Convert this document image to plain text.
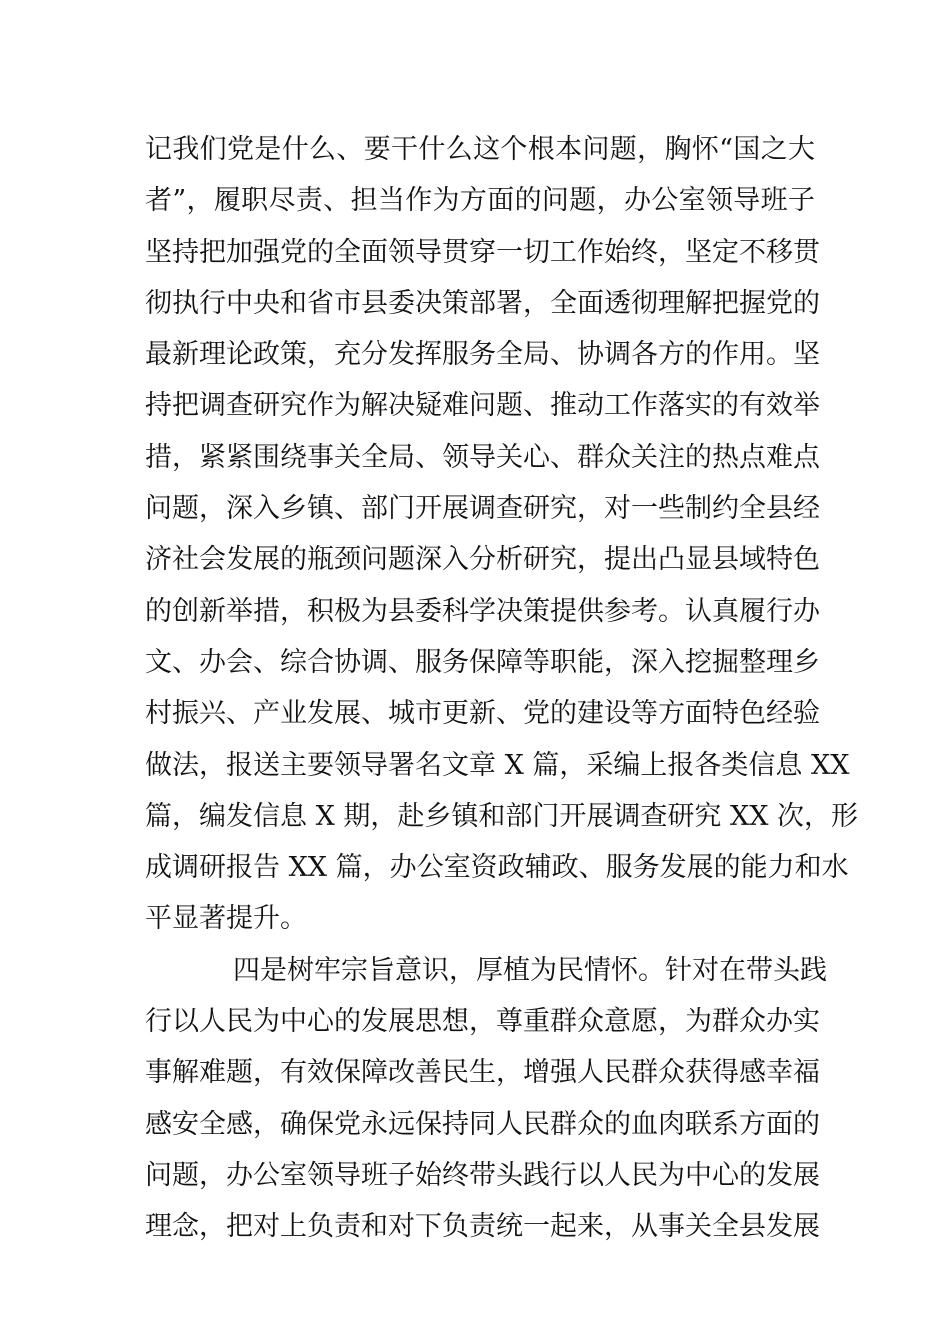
记我们党是什么、要干什么这个根本问题，胸怀“国之大
者”，履职尽责、担当作为方面的问题，办公室领导班子
坚持把加强党的全面领导贯穿一切工作始终，坚定不移贯
彻执行中央和省市县委决策部署，全面透彻理解把握党的
最新理论政策，充分发挥服务全局、协调各方的作用。坚
持把调查研究作为解决疑难问题、推动工作落实的有效举
措，紧紧围绕事关全局、领导关心、群众关注的热点难点
问题，深入乡镇、部门开展调查研究，对一些制约全县经
济社会发展的瓶颈问题深入分析研究，提出凸显县域特色
的创新举措，积极为县委科学决策提供参考。认真履行办
文、办会、综合协调、服务保障等职能，深入挖掘整理乡
村振兴、产业发展、城市更新、党的建设等方面特色经验
做法，报送主要领导署名文章 X 篇，采编上报各类信息 XX
篇，编发信息 X 期，赴乡镇和部门开展调查研究 XX 次，形
成调研报告 XX 篇，办公室资政辅政、服务发展的能力和水
平显著提升。
四是树牢宗旨意识，厚植为民情怀。针对在带头践
行以人民为中心的发展思想，尊重群众意愿，为群众办实
事解难题，有效保障改善民生，增强人民群众获得感幸福
感安全感，确保党永远保持同人民群众的血肉联系方面的
问题，办公室领导班子始终带头践行以人民为中心的发展
理念，把对上负责和对下负责统一起来，从事关全县发展
